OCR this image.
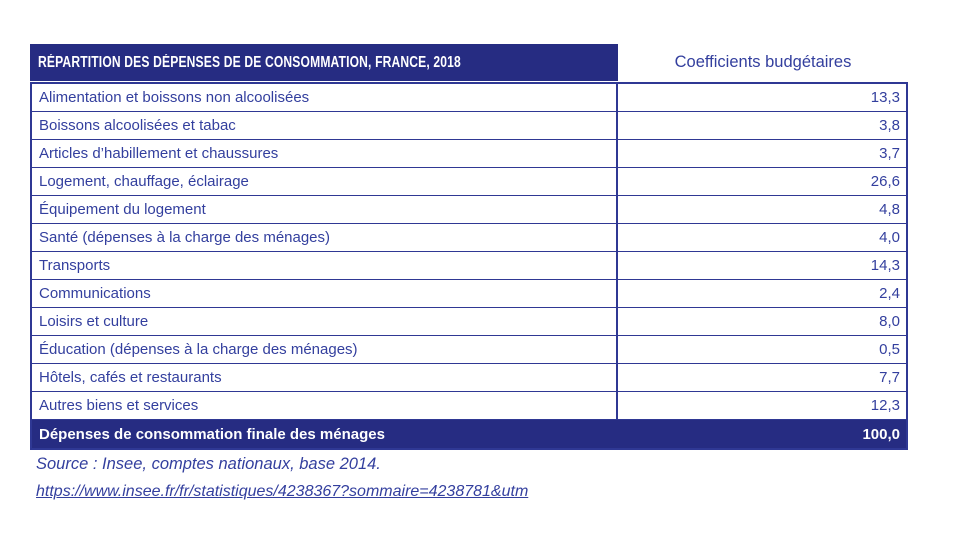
RÉPARTITION DES DÉPENSES DE DE CONSOMMATION, FRANCE, 2018	Coefficients budgétaires
Alimentation et boissons non alcoolisées	13,3
Boissons alcoolisées et tabac	3,8
Articles d’habillement et chaussures	3,7
Logement, chauffage, éclairage	26,6
Équipement du logement	4,8
Santé (dépenses à la charge des ménages)	4,0
Transports	14,3
Communications	2,4
Loisirs et culture	8,0
Éducation (dépenses à la charge des ménages)	0,5
Hôtels, cafés et restaurants	7,7
Autres biens et services	12,3
Dépenses de consommation finale des ménages	100,0
Source : Insee, comptes nationaux, base 2014.
https://www.insee.fr/fr/statistiques/4238367?sommaire=4238781&utm
